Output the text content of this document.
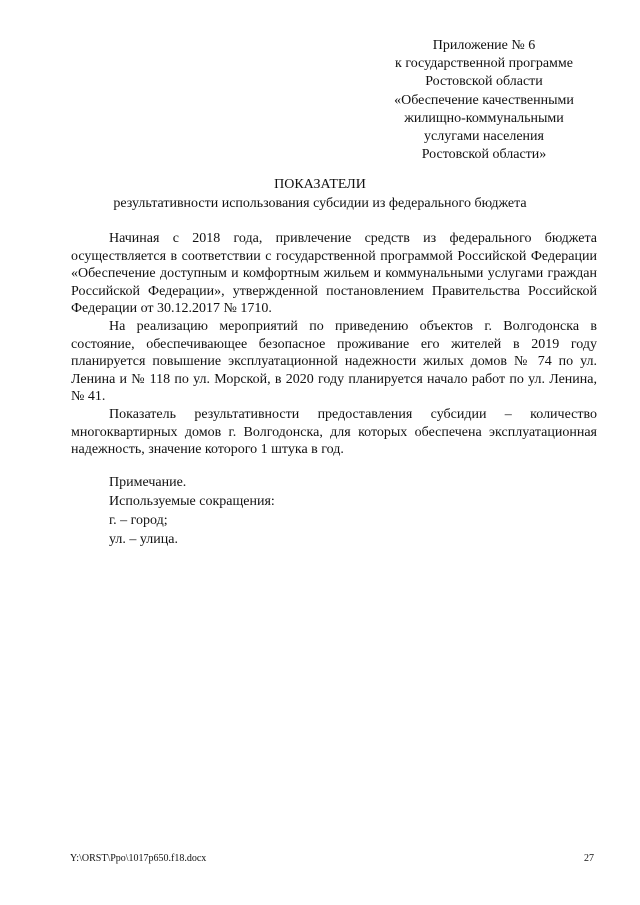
Приложение № 6
к государственной программе
Ростовской области
«Обеспечение качественными
жилищно-коммунальными
услугами населения
Ростовской области»
ПОКАЗАТЕЛИ
результативности использования субсидии из федерального бюджета

Начиная с 2018 года, привлечение средств из федерального бюджета осуществляется в соответствии с государственной программой Российской Федерации «Обеспечение доступным и комфортным жильем и коммунальными услугами граждан Российской Федерации», утвержденной постановлением Правительства Российской Федерации от 30.12.2017 № 1710.

На реализацию мероприятий по приведению объектов г. Волгодонска в состояние, обеспечивающее безопасное проживание его жителей в 2019 году планируется повышение эксплуатационной надежности жилых домов № 74 по ул. Ленина и № 118 по ул. Морской, в 2020 году планируется начало работ по ул. Ленина, № 41.

Показатель результативности предоставления субсидии – количество многоквартирных домов г. Волгодонска, для которых обеспечена эксплуатационная надежность, значение которого 1 штука в год.

Примечание.
Используемые сокращения:
г. – город;
ул. – улица.
Y:\ORST\Ppo\1017p650.f18.docx	27
